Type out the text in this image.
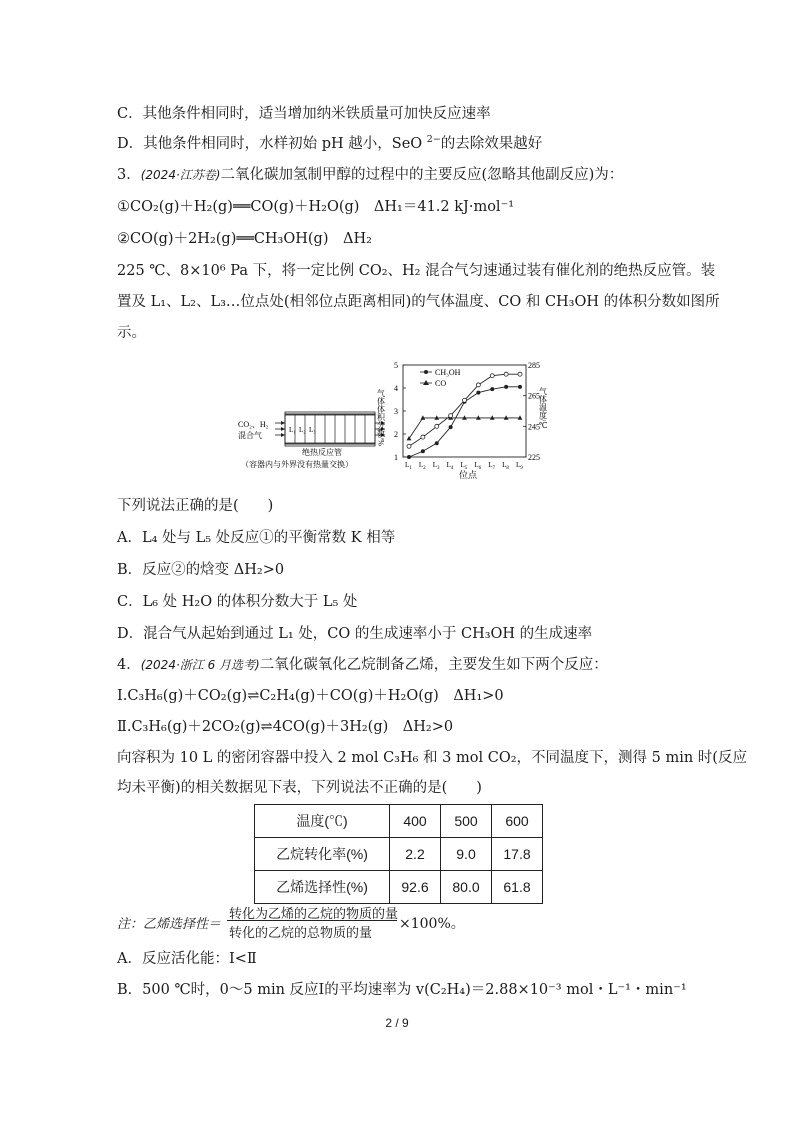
C．其他条件相同时，适当增加纳米铁质量可加快反应速率
D．其他条件相同时，水样初始 pH 越小，SeO $^{2-}$的去除效果越好
3．(2024·江苏卷)二氧化碳加氢制甲醇的过程中的主要反应(忽略其他副反应)为：
①CO₂(g)＋H₂(g)══CO(g)＋H₂O(g)　 ΔH₁＝41.2 kJ·mol⁻¹
②CO(g)＋2H₂(g)══CH₃OH(g)　 ΔH₂
225 ℃、8×10⁶ Pa 下，将一定比例 CO₂、H₂ 混合气匀速通过装有催化剂的绝热反应管。装
置及 L₁、L₂、L₃…位点处(相邻位点距离相同)的气体温度、CO 和 CH₃OH 的体积分数如图所
示。
L₁ L₂ L₃
CO₂、H₂
混合气
绝热反应管
（容器内与外界没有热量交换）
1
2
3
4
5
225
245
265
285
$L_1$ $L_2$ $L_3$ $L_4$ $L_5$ $L_6$ $L_7$ $L_8$ $L_9$
气体体积分数/%	气体温度/℃
位点
CH₃OH
CO
下列说法正确的是(　　)
A．L₄ 处与 L₅ 处反应①的平衡常数 K 相等
B．反应②的焓变 ΔH₂>0
C．L₆ 处 H₂O 的体积分数大于 L₅ 处
D．混合气从起始到通过 L₁ 处，CO 的生成速率小于 CH₃OH 的生成速率
4．(2024·浙江 6 月选考)二氧化碳氧化乙烷制备乙烯，主要发生如下两个反应：
Ⅰ.C₃H₆(g)＋CO₂(g)⇌C₂H₄(g)＋CO(g)＋H₂O(g)　 ΔH₁>0
Ⅱ.C₃H₆(g)＋2CO₂(g)⇌4CO(g)＋3H₂(g)　 ΔH₂>0
向容积为 10 L 的密闭容器中投入 2 mol C₃H₆ 和 3 mol CO₂，不同温度下，测得 5 min 时(反应
均未平衡)的相关数据见下表，下列说法不正确的是(　　)
温度(℃)	400	500	600
乙烷转化率(%)	2.2	9.0	17.8
乙烯选择性(%)	92.6	80.0	61.8
注：乙烯选择性＝
转化为乙烯的乙烷的物质的量
转化的乙烷的总物质的量
×100%。
A．反应活化能：Ⅰ<Ⅱ
B．500 ℃时，0～5 min 反应Ⅰ的平均速率为 v(C₂H₄)＝2.88×10⁻³ mol・L⁻¹・min⁻¹
2 / 9
